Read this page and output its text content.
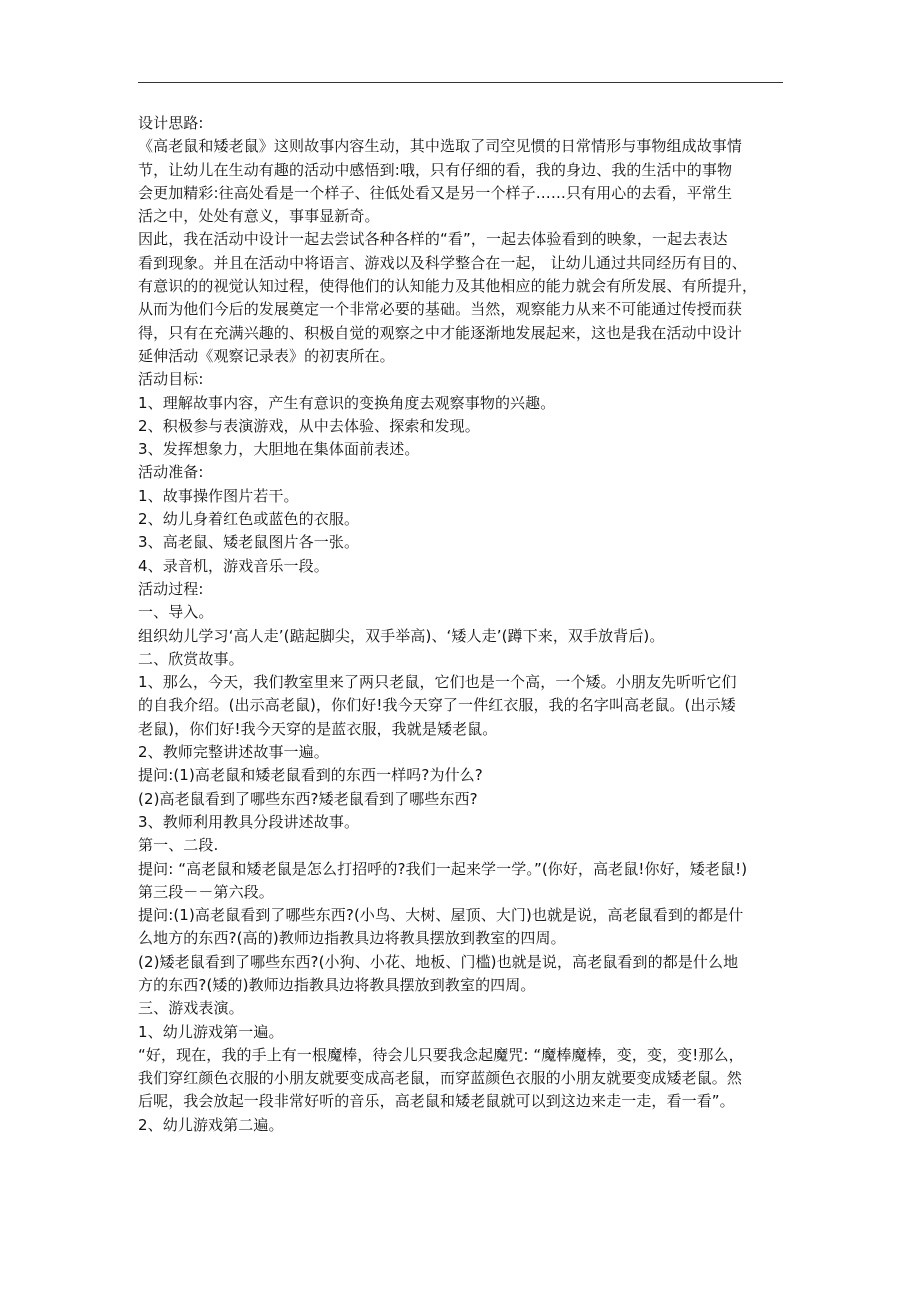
设计思路:
《高老鼠和矮老鼠》这则故事内容生动，其中选取了司空见惯的日常情形与事物组成故事情
节，让幼儿在生动有趣的活动中感悟到:哦，只有仔细的看，我的身边、我的生活中的事物
会更加精彩:往高处看是一个样子、往低处看又是另一个样子……只有用心的去看，平常生
活之中，处处有意义，事事显新奇。
因此，我在活动中设计一起去尝试各种各样的“看”，一起去体验看到的映象，一起去表达
看到现象。并且在活动中将语言、游戏以及科学整合在一起， 让幼儿通过共同经历有目的、
有意识的的视觉认知过程，使得他们的认知能力及其他相应的能力就会有所发展、有所提升，
从而为他们今后的发展奠定一个非常必要的基础。当然，观察能力从来不可能通过传授而获
得，只有在充满兴趣的、积极自觉的观察之中才能逐渐地发展起来，这也是我在活动中设计
延伸活动《观察记录表》的初衷所在。
活动目标:
1、理解故事内容，产生有意识的变换角度去观察事物的兴趣。
2、积极参与表演游戏，从中去体验、探索和发现。
3、发挥想象力，大胆地在集体面前表述。
活动准备:
1、故事操作图片若干。
2、幼儿身着红色或蓝色的衣服。
3、高老鼠、矮老鼠图片各一张。
4、录音机，游戏音乐一段。
活动过程:
一、导入。
组织幼儿学习‘高人走’(踮起脚尖，双手举高)、‘矮人走’(蹲下来，双手放背后)。
二、欣赏故事。
1、那么，今天，我们教室里来了两只老鼠，它们也是一个高，一个矮。小朋友先听听它们
的自我介绍。(出示高老鼠)，你们好!我今天穿了一件红衣服，我的名字叫高老鼠。(出示矮
老鼠)，你们好!我今天穿的是蓝衣服，我就是矮老鼠。
2、教师完整讲述故事一遍。
提问:(1)高老鼠和矮老鼠看到的东西一样吗?为什么?
(2)高老鼠看到了哪些东西?矮老鼠看到了哪些东西?
3、教师利用教具分段讲述故事。
第一、二段.
提问: “高老鼠和矮老鼠是怎么打招呼的?我们一起来学一学。”(你好，高老鼠!你好，矮老鼠!)
第三段－－第六段。
提问:(1)高老鼠看到了哪些东西?(小鸟、大树、屋顶、大门)也就是说，高老鼠看到的都是什
么地方的东西?(高的)教师边指教具边将教具摆放到教室的四周。
(2)矮老鼠看到了哪些东西?(小狗、小花、地板、门槛)也就是说，高老鼠看到的都是什么地
方的东西?(矮的)教师边指教具边将教具摆放到教室的四周。
三、游戏表演。
1、幼儿游戏第一遍。
“好，现在，我的手上有一根魔棒，待会儿只要我念起魔咒: “魔棒魔棒，变，变，变!那么，
我们穿红颜色衣服的小朋友就要变成高老鼠，而穿蓝颜色衣服的小朋友就要变成矮老鼠。然
后呢，我会放起一段非常好听的音乐，高老鼠和矮老鼠就可以到这边来走一走，看一看”。
2、幼儿游戏第二遍。
